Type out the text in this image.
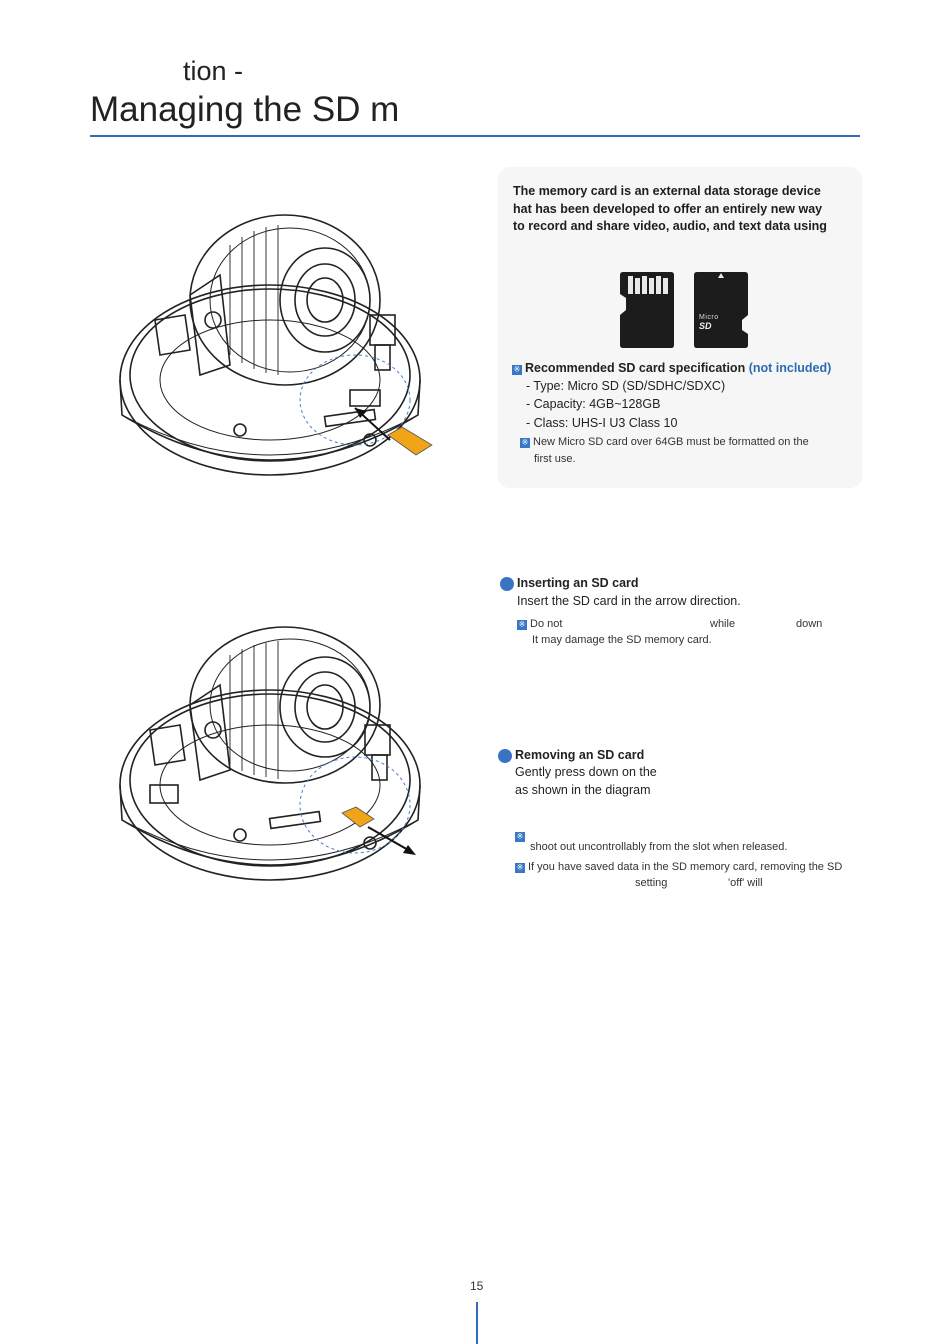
tion -
Managing the SD m
The memory card is an external data storage device
hat has been developed to offer an entirely new way
to record and share video, audio, and text data using
Micro
SD
※ Recommended SD card specification (not included)
- Type: Micro SD (SD/SDHC/SDXC)
- Capacity: 4GB~128GB
- Class: UHS-I U3 Class 10
※ New Micro SD card over 64GB must be formatted on the
first use.
Inserting an SD card
Insert the SD card in the arrow direction.
※ Do not	while	down
It may damage the SD memory card.
Removing an SD card
Gently press down on the
as shown in the diagram
※
shoot out uncontrollably from the slot when released.
※ If you have saved data in the SD memory card, removing the SD
setting	'off' will
15
